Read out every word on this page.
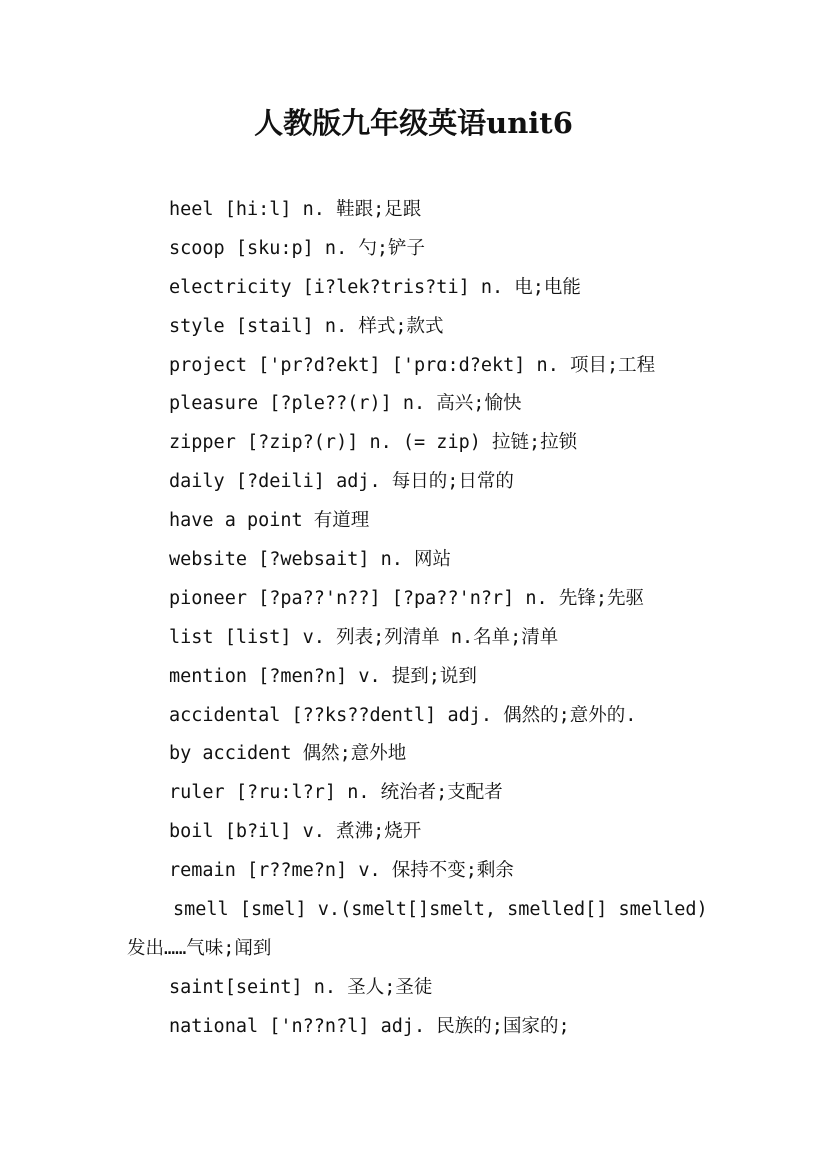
人教版九年级英语unit6
heel [hi:l] n. 鞋跟;足跟
scoop [sku:p] n. 勺;铲子
electricity [i?lek?tris?ti] n. 电;电能
style [stail] n. 样式;款式
project ['pr?d?ekt] ['prɑ:d?ekt] n. 项目;工程
pleasure [?ple??(r)] n. 高兴;愉快
zipper [?zip?(r)] n. (= zip) 拉链;拉锁
daily [?deili] adj. 每日的;日常的
have a point 有道理
website [?websait] n. 网站
pioneer [?pa??'n??] [?pa??'n?r] n. 先锋;先驱
list [list] v. 列表;列清单 n.名单;清单
mention [?men?n] v. 提到;说到
accidental [??ks??dentl] adj. 偶然的;意外的.
by accident 偶然;意外地
ruler [?ru:l?r] n. 统治者;支配者
boil [b?il] v. 煮沸;烧开
remain [r??me?n] v. 保持不变;剩余
smell [smel] v.(smelt[]smelt, smelled[] smelled) 发出……气味;闻到
saint[seint] n. 圣人;圣徒
national ['n??n?l] adj. 民族的;国家的;
